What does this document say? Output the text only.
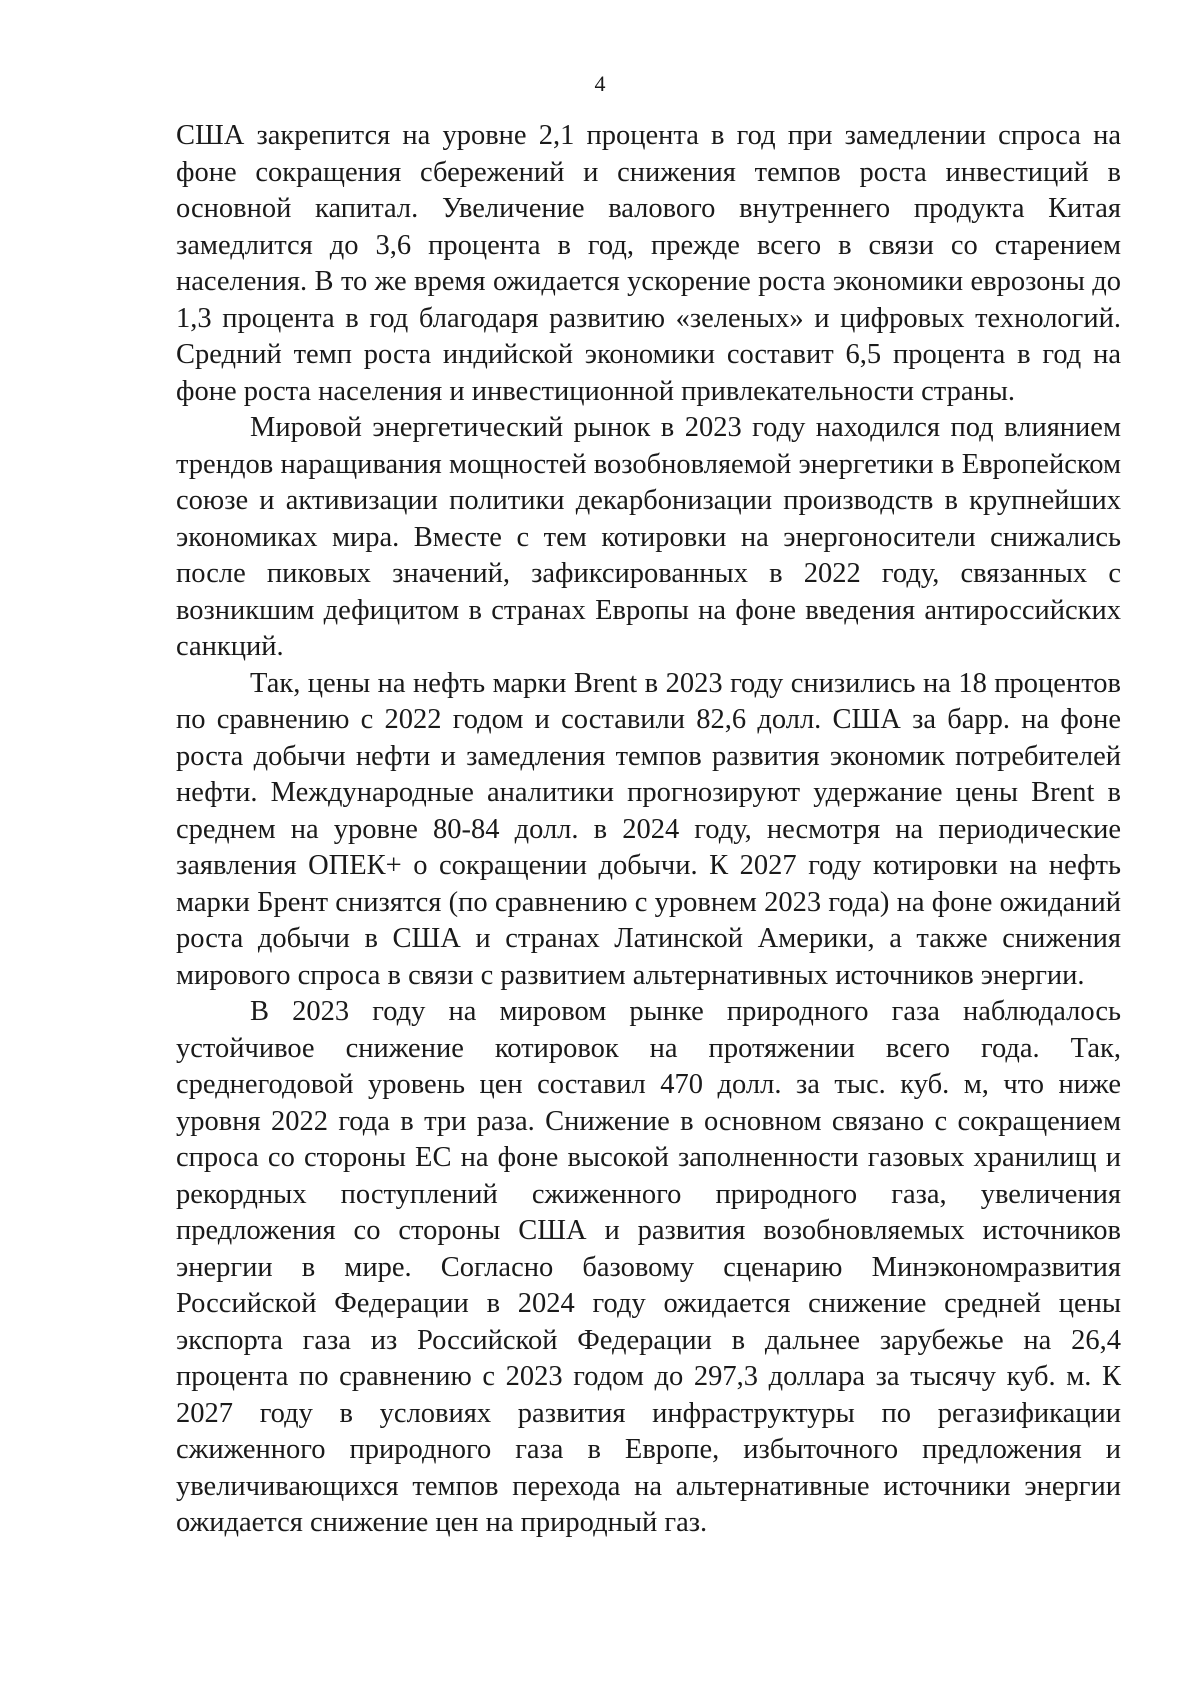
4

США закрепится на уровне 2,1 процента в год при замедлении спроса на фоне сокращения сбережений и снижения темпов роста инвестиций в основной капитал. Увеличение валового внутреннего продукта Китая замедлится до 3,6 процента в год, прежде всего в связи со старением населения. В то же время ожидается ускорение роста экономики еврозоны до 1,3 процента в год благодаря развитию «зеленых» и цифровых технологий. Средний темп роста индийской экономики составит 6,5 процента в год на фоне роста населения и инвестиционной привлекательности страны.

Мировой энергетический рынок в 2023 году находился под влиянием трендов наращивания мощностей возобновляемой энергетики в Европейском союзе и активизации политики декарбонизации производств в крупнейших экономиках мира. Вместе с тем котировки на энергоносители снижались после пиковых значений, зафиксированных в 2022 году, связанных с возникшим дефицитом в странах Европы на фоне введения антироссийских санкций.

Так, цены на нефть марки Brent в 2023 году снизились на 18 процентов по сравнению с 2022 годом и составили 82,6 долл. США за барр. на фоне роста добычи нефти и замедления темпов развития экономик потребителей нефти. Международные аналитики прогнозируют удержание цены Brent в среднем на уровне 80-84 долл. в 2024 году, несмотря на периодические заявления ОПЕК+ о сокращении добычи. К 2027 году котировки на нефть марки Брент снизятся (по сравнению с уровнем 2023 года) на фоне ожиданий роста добычи в США и странах Латинской Америки, а также снижения мирового спроса в связи с развитием альтернативных источников энергии.

В 2023 году на мировом рынке природного газа наблюдалось устойчивое снижение котировок на протяжении всего года. Так, среднегодовой уровень цен составил 470 долл. за тыс. куб. м, что ниже уровня 2022 года в три раза. Снижение в основном связано с сокращением спроса со стороны ЕС на фоне высокой заполненности газовых хранилищ и рекордных поступлений сжиженного природного газа, увеличения предложения со стороны США и развития возобновляемых источников энергии в мире. Согласно базовому сценарию Минэкономразвития Российской Федерации в 2024 году ожидается снижение средней цены экспорта газа из Российской Федерации в дальнее зарубежье на 26,4 процента по сравнению с 2023 годом до 297,3 доллара за тысячу куб. м. К 2027 году в условиях развития инфраструктуры по регазификации сжиженного природного газа в Европе, избыточного предложения и увеличивающихся темпов перехода на альтернативные источники энергии ожидается снижение цен на природный газ.
